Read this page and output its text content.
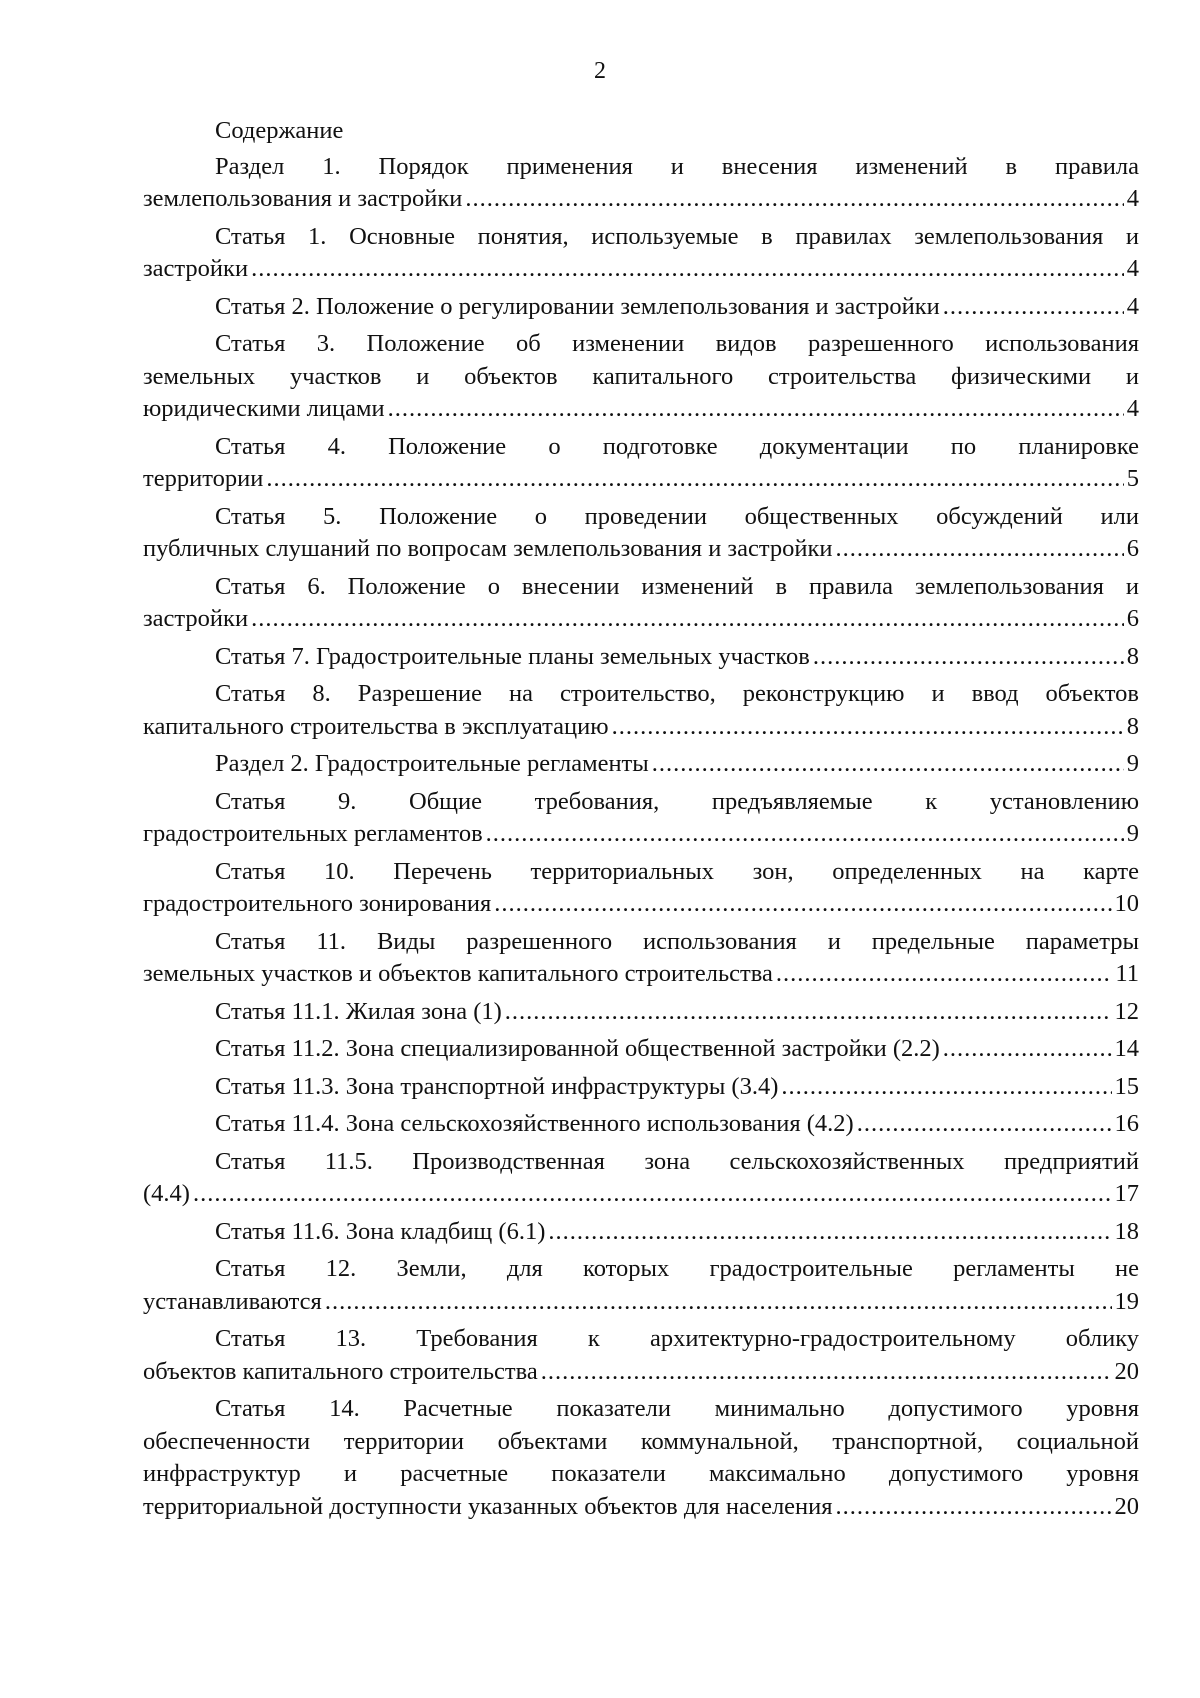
2
Содержание
Раздел 1. Порядок применения и внесения изменений в правила
землепользования и застройки .....	4
Статья 1. Основные понятия, используемые в правилах землепользования и
застройки .....	4
Статья 2. Положение о регулировании землепользования и застройки .....	4
Статья 3. Положение об изменении видов разрешенного использования
земельных участков и объектов капитального строительства физическими и
юридическими лицами .....	4
Статья 4. Положение о подготовке документации по планировке
территории .....	5
Статья 5. Положение о проведении общественных обсуждений или
публичных слушаний по вопросам землепользования и застройки .....	6
Статья 6. Положение о внесении изменений в правила землепользования и
застройки .....	6
Статья 7. Градостроительные планы земельных участков .....	8
Статья 8. Разрешение на строительство, реконструкцию и ввод объектов
капитального строительства в эксплуатацию .....	8
Раздел 2. Градостроительные регламенты .....	9
Статья 9. Общие требования, предъявляемые к установлению
градостроительных регламентов .....	9
Статья 10. Перечень территориальных зон, определенных на карте
градостроительного зонирования .....	10
Статья 11. Виды разрешенного использования и предельные параметры
земельных участков и объектов капитального строительства .....	11
Статья 11.1. Жилая зона (1) .....	12
Статья 11.2. Зона специализированной общественной застройки (2.2) .....	14
Статья 11.3. Зона транспортной инфраструктуры (3.4) .....	15
Статья 11.4. Зона сельскохозяйственного использования (4.2) .....	16
Статья 11.5. Производственная зона сельскохозяйственных предприятий
(4.4) .....	17
Статья 11.6. Зона кладбищ (6.1) .....	18
Статья 12. Земли, для которых градостроительные регламенты не
устанавливаются .....	19
Статья 13. Требования к архитектурно-градостроительному облику
объектов капитального строительства .....	20
Статья 14. Расчетные показатели минимально допустимого уровня
обеспеченности территории объектами коммунальной, транспортной, социальной
инфраструктур и расчетные показатели максимально допустимого уровня
территориальной доступности указанных объектов для населения .....	20
